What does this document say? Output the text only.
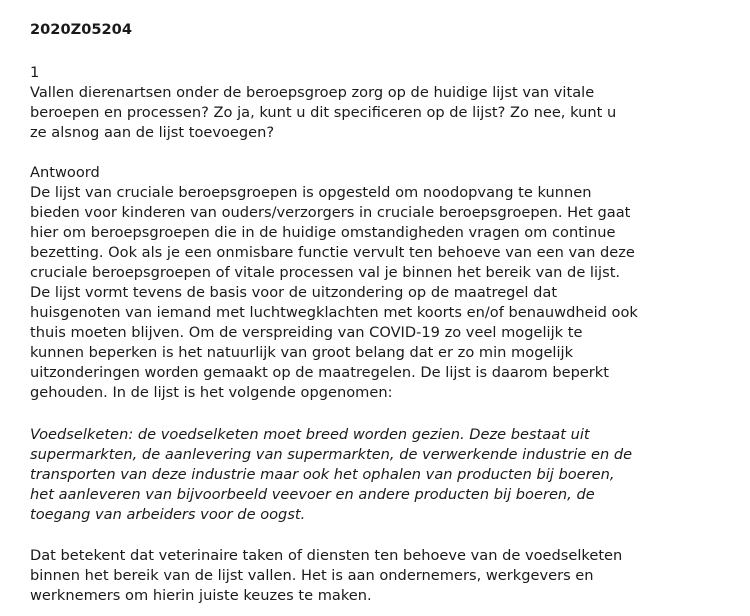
2020Z05204
1
Vallen dierenartsen onder de beroepsgroep zorg op de huidige lijst van vitale
beroepen en processen? Zo ja, kunt u dit specificeren op de lijst? Zo nee, kunt u
ze alsnog aan de lijst toevoegen?
Antwoord
De lijst van cruciale beroepsgroepen is opgesteld om noodopvang te kunnen
bieden voor kinderen van ouders/verzorgers in cruciale beroepsgroepen. Het gaat
hier om beroepsgroepen die in de huidige omstandigheden vragen om continue
bezetting. Ook als je een onmisbare functie vervult ten behoeve van een van deze
cruciale beroepsgroepen of vitale processen val je binnen het bereik van de lijst.
De lijst vormt tevens de basis voor de uitzondering op de maatregel dat
huisgenoten van iemand met luchtwegklachten met koorts en/of benauwdheid ook
thuis moeten blijven. Om de verspreiding van COVID-19 zo veel mogelijk te
kunnen beperken is het natuurlijk van groot belang dat er zo min mogelijk
uitzonderingen worden gemaakt op de maatregelen. De lijst is daarom beperkt
gehouden. In de lijst is het volgende opgenomen:
Voedselketen: de voedselketen moet breed worden gezien. Deze bestaat uit
supermarkten, de aanlevering van supermarkten, de verwerkende industrie en de
transporten van deze industrie maar ook het ophalen van producten bij boeren,
het aanleveren van bijvoorbeeld veevoer en andere producten bij boeren, de
toegang van arbeiders voor de oogst.
Dat betekent dat veterinaire taken of diensten ten behoeve van de voedselketen
binnen het bereik van de lijst vallen. Het is aan ondernemers, werkgevers en
werknemers om hierin juiste keuzes te maken.
